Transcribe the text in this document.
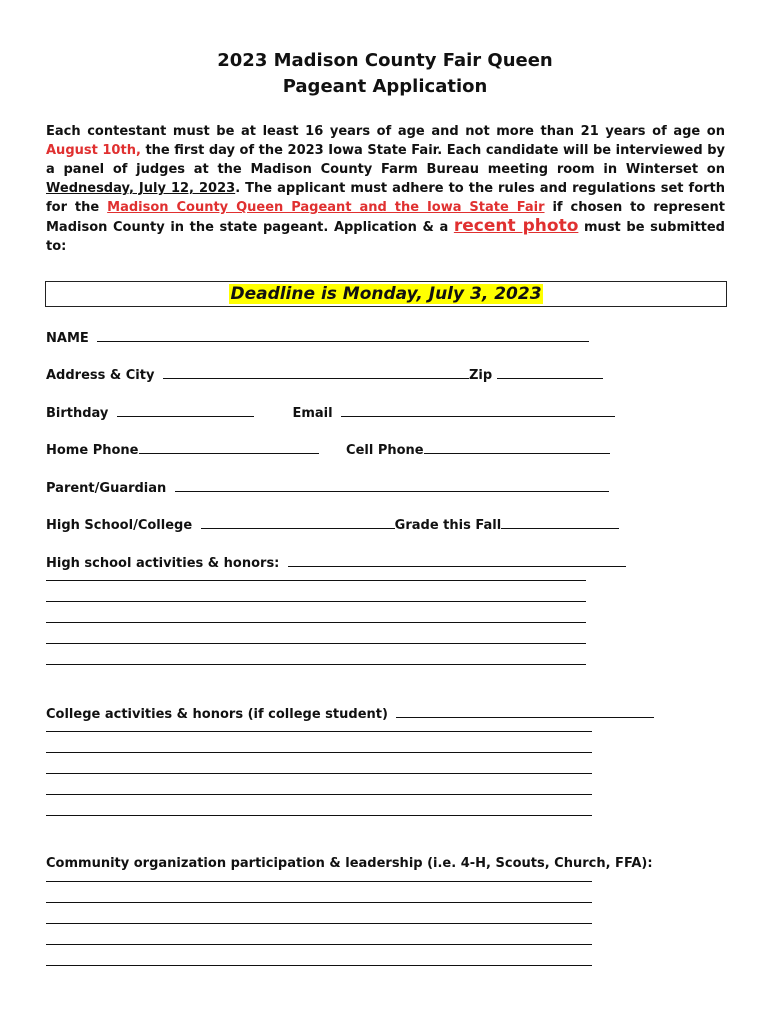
2023 Madison County Fair Queen
Pageant Application

Each contestant must be at least 16 years of age and not more than 21 years of age on August 10th, the first day of the 2023 Iowa State Fair. Each candidate will be interviewed by a panel of judges at the Madison County Farm Bureau meeting room in Winterset on Wednesday, July 12, 2023. The applicant must adhere to the rules and regulations set forth for the Madison County Queen Pageant and the Iowa State Fair if chosen to represent Madison County in the state pageant. Application & a recent photo must be submitted to:

Deadline is Monday, July 3, 2023
NAME
Address & City	Zip
Birthday	Email
Home Phone	Cell Phone
Parent/Guardian
High School/College	Grade this Fall
High school activities & honors:
College activities & honors (if college student)
Community organization participation & leadership (i.e. 4-H, Scouts, Church, FFA):
